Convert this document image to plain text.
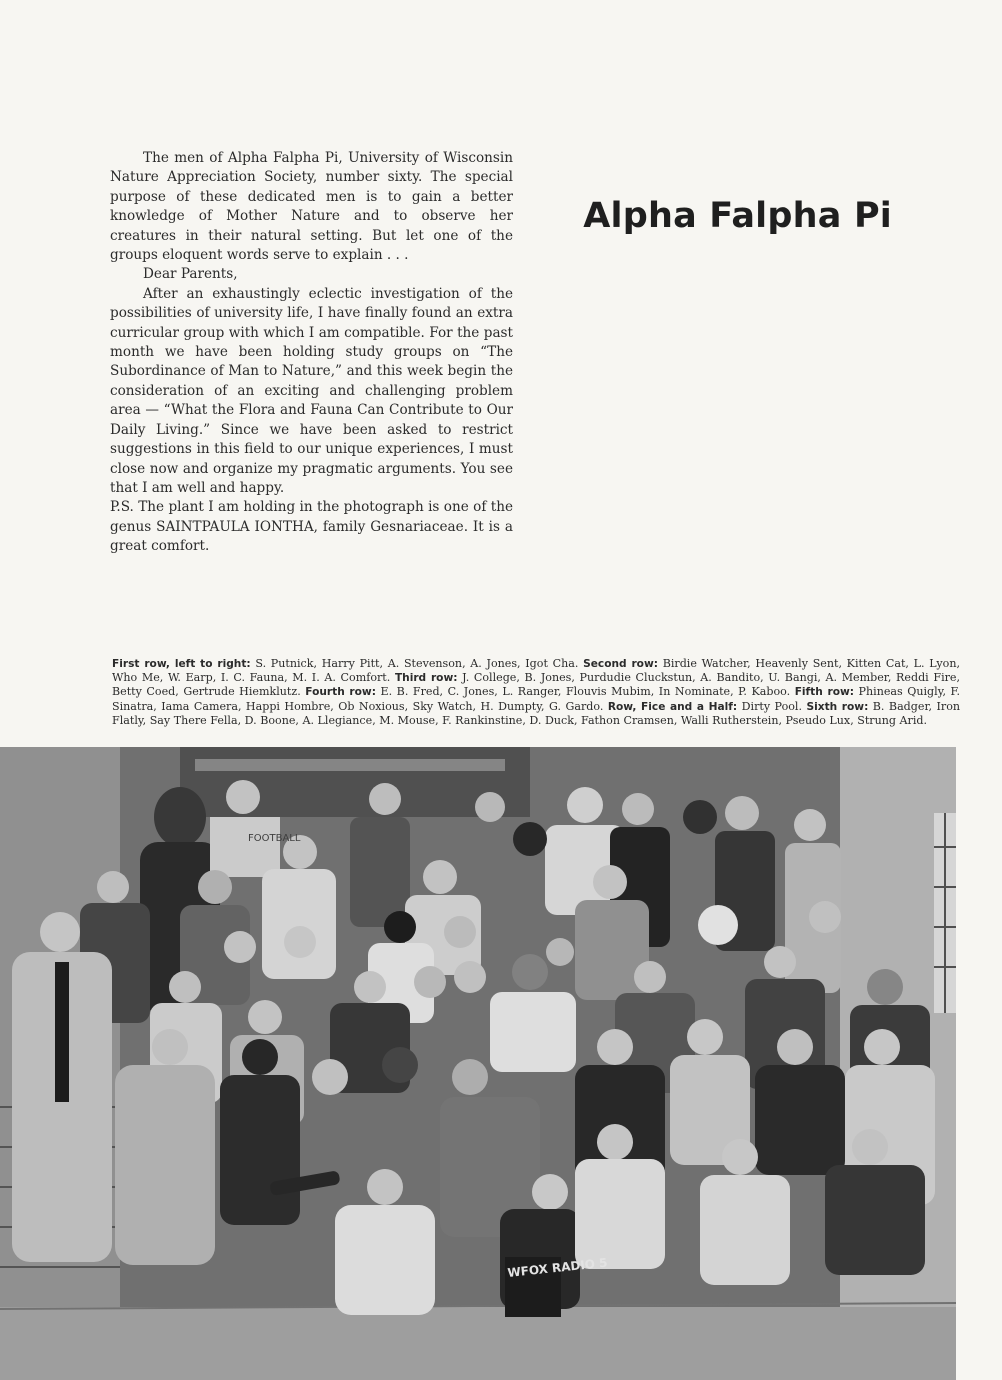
Alpha Falpha Pi

The men of Alpha Falpha Pi, University of Wisconsin Nature Appreciation Society, number sixty. The special purpose of these dedicated men is to gain a better knowledge of Mother Nature and to observe her creatures in their natural setting. But let one of the groups eloquent words serve to explain . . .

Dear Parents,

After an exhaustingly eclectic investigation of the possibilities of university life, I have finally found an extra curricular group with which I am compatible. For the past month we have been holding study groups on “The Subordinance of Man to Nature,” and this week begin the consideration of an exciting and challenging problem area — “What the Flora and Fauna Can Contribute to Our Daily Living.” Since we have been asked to restrict suggestions in this field to our unique experiences, I must close now and organize my pragmatic arguments. You see that I am well and happy.

P.S. The plant I am holding in the photograph is one of the genus SAINTPAULA IONTHA, family Gesnariaceae. It is a great comfort.

First row, left to right: S. Putnick, Harry Pitt, A. Stevenson, A. Jones, Igot Cha. Second row: Birdie Watcher, Heavenly Sent, Kitten Cat, L. Lyon, Who Me, W. Earp, I. C. Fauna, M. I. A. Comfort. Third row: J. College, B. Jones, Purdudie Cluckstun, A. Bandito, U. Bangi, A. Member, Reddi Fire, Betty Coed, Gertrude Hiemklutz. Fourth row: E. B. Fred, C. Jones, L. Ranger, Flouvis Mubim, In Nominate, P. Kaboo. Fifth row: Phineas Quigly, F. Sinatra, Iama Camera, Happi Hombre, Ob Noxious, Sky Watch, H. Dumpty, G. Gardo. Row, Fice and a Half: Dirty Pool. Sixth row: B. Badger, Iron Flatly, Say There Fella, D. Boone, A. Llegiance, M. Mouse, F. Rankinstine, D. Duck, Fathon Cramsen, Walli Rutherstein, Pseudo Lux, Strung Arid.
FOOTBALL
WFOX RADIO 5
